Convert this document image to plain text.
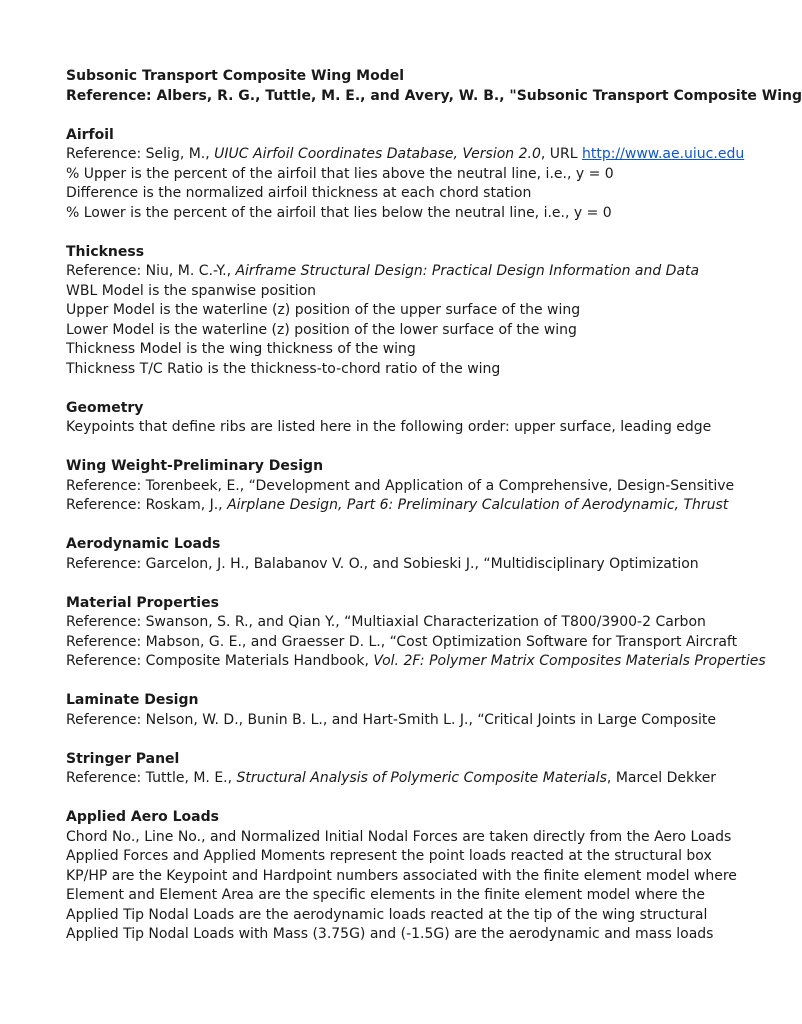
Subsonic Transport Composite Wing Model
Reference: Albers, R. G., Tuttle, M. E., and Avery, W. B., "Subsonic Transport Composite Wing
Airfoil
Reference: Selig, M., UIUC Airfoil Coordinates Database, Version 2.0, URL http://www.ae.uiuc.edu
% Upper is the percent of the airfoil that lies above the neutral line, i.e., y = 0
Difference is the normalized airfoil thickness at each chord station
% Lower is the percent of the airfoil that lies below the neutral line, i.e., y = 0
Thickness
Reference: Niu, M. C.-Y., Airframe Structural Design: Practical Design Information and Data
WBL Model is the spanwise position
Upper Model is the waterline (z) position of the upper surface of the wing
Lower Model is the waterline (z) position of the lower surface of the wing
Thickness Model is the wing thickness of the wing
Thickness T/C Ratio is the thickness-to-chord ratio of the wing
Geometry
Keypoints that define ribs are listed here in the following order: upper surface, leading edge
Wing Weight-Preliminary Design
Reference: Torenbeek, E., “Development and Application of a Comprehensive, Design-Sensitive
Reference: Roskam, J., Airplane Design, Part 6: Preliminary Calculation of Aerodynamic, Thrust
Aerodynamic Loads
Reference: Garcelon, J. H., Balabanov V. O., and Sobieski J., “Multidisciplinary Optimization
Material Properties
Reference: Swanson, S. R., and Qian Y., “Multiaxial Characterization of T800/3900-2 Carbon
Reference: Mabson, G. E., and Graesser D. L., “Cost Optimization Software for Transport Aircraft
Reference: Composite Materials Handbook, Vol. 2F: Polymer Matrix Composites Materials Properties
Laminate Design
Reference: Nelson, W. D., Bunin B. L., and Hart-Smith L. J., “Critical Joints in Large Composite
Stringer Panel
Reference: Tuttle, M. E., Structural Analysis of Polymeric Composite Materials, Marcel Dekker
Applied Aero Loads
Chord No., Line No., and Normalized Initial Nodal Forces are taken directly from the Aero Loads
Applied Forces and Applied Moments represent the point loads reacted at the structural box
KP/HP are the Keypoint and Hardpoint numbers associated with the finite element model where
Element and Element Area are the specific elements in the finite element model where the
Applied Tip Nodal Loads are the aerodynamic loads reacted at the tip of the wing structural
Applied Tip Nodal Loads with Mass (3.75G) and (-1.5G) are the aerodynamic and mass loads
